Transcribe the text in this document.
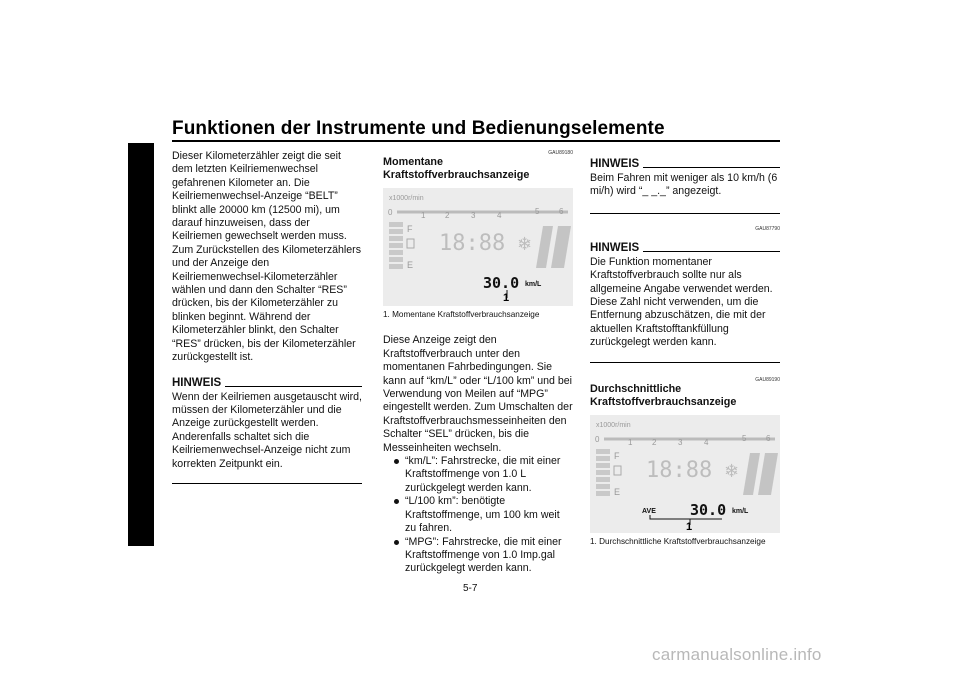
Funktionen der Instrumente und Bedienungselemente
5

Dieser Kilometerzähler zeigt die seit dem letzten Keilriemenwechsel gefahrenen Kilometer an. Die Keilriemenwechsel-Anzeige “BELT” blinkt alle 20000 km (12500 mi), um darauf hinzuweisen, dass der Keilriemen gewechselt werden muss.

Zum Zurückstellen des Kilometerzählers und der Anzeige den Keilriemenwechsel-Kilometerzähler wählen und dann den Schalter “RES” drücken, bis der Kilometerzähler zu blinken beginnt. Während der Kilometerzähler blinkt, den Schalter “RES” drücken, bis der Kilometerzähler zurückgestellt ist.

HINWEIS

Wenn der Keilriemen ausgetauscht wird, müssen der Kilometerzähler und die Anzeige zurückgestellt werden. Anderenfalls schaltet sich die Keilriemenwechsel-Anzeige nicht zum korrekten Zeitpunkt ein.

GAU89180

Momentane Kraftstoffverbrauchsanzeige

x1000r/min
0	1 2	3	4	5 6
F
E
18:88 ❄
30.0 km/L
1
1. Momentane Kraftstoffverbrauchsanzeige

Diese Anzeige zeigt den Kraftstoffverbrauch unter den momentanen Fahrbedingungen. Sie kann auf “km/L” oder “L/100 km” und bei Verwendung von Meilen auf “MPG” eingestellt werden. Zum Umschalten der Kraftstoffverbrauchsmesseinheiten den Schalter “SEL” drücken, bis die Messeinheiten wechseln.

“km/L”: Fahrstrecke, die mit einer Kraftstoffmenge von 1.0 L zurückgelegt werden kann.
“L/100 km”: benötigte Kraftstoffmenge, um 100 km weit zu fahren.
“MPG”: Fahrstrecke, die mit einer Kraftstoffmenge von 1.0 Imp.gal zurückgelegt werden kann.
HINWEIS

Beim Fahren mit weniger als 10 km/h (6 mi/h) wird “_ _._” angezeigt.

GAU87790

HINWEIS

Die Funktion momentaner Kraftstoffverbrauch sollte nur als allgemeine Angabe verwendet werden. Diese Zahl nicht verwenden, um die Entfernung abzuschätzen, die mit der aktuellen Kraftstofftankfüllung zurückgelegt werden kann.

GAU89190

Durchschnittliche Kraftstoffverbrauchsanzeige

x1000r/min
0	1 2	3	4	5 6
F
E
18:88 ❄
AVE 30.0 km/L
1
1. Durchschnittliche Kraftstoffverbrauchsanzeige
5-7
carmanualsonline.info
